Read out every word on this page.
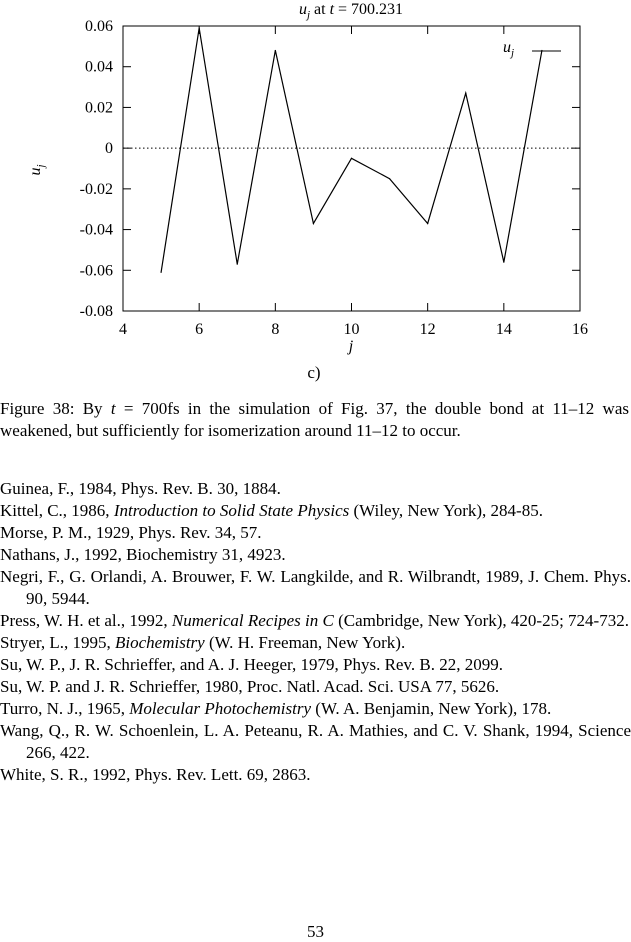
$u_j$ at t = 700.231
-0.08
-0.06
-0.04
-0.02
0
0.02
0.04
0.06
4	6	8	10	12	14	16
$u_j$
j
$u_j$
c)
Figure 38: By t = 700fs in the simulation of Fig. 37, the double bond at 11–12 was weakened, but sufficiently for isomerization around 11–12 to occur.
Guinea, F., 1984, Phys. Rev. B. 30, 1884.
Kittel, C., 1986, Introduction to Solid State Physics (Wiley, New York), 284-85.
Morse, P. M., 1929, Phys. Rev. 34, 57.
Nathans, J., 1992, Biochemistry 31, 4923.
Negri, F., G. Orlandi, A. Brouwer, F. W. Langkilde, and R. Wilbrandt, 1989, J. Chem. Phys. 90, 5944.
Press, W. H. et al., 1992, Numerical Recipes in C (Cambridge, New York), 420-25; 724-732.
Stryer, L., 1995, Biochemistry (W. H. Freeman, New York).
Su, W. P., J. R. Schrieffer, and A. J. Heeger, 1979, Phys. Rev. B. 22, 2099.
Su, W. P. and J. R. Schrieffer, 1980, Proc. Natl. Acad. Sci. USA 77, 5626.
Turro, N. J., 1965, Molecular Photochemistry (W. A. Benjamin, New York), 178.
Wang, Q., R. W. Schoenlein, L. A. Peteanu, R. A. Mathies, and C. V. Shank, 1994, Science 266, 422.
White, S. R., 1992, Phys. Rev. Lett. 69, 2863.
53
